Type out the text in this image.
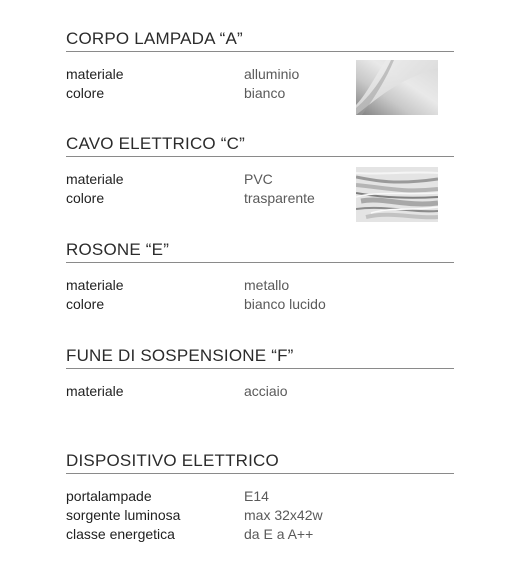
CORPO LAMPADA “A”
materiale	alluminio
colore	bianco
CAVO ELETTRICO “C”
materiale	PVC
colore	trasparente
ROSONE “E”
materiale	metallo
colore	bianco lucido
FUNE DI SOSPENSIONE “F”
materiale	acciaio
DISPOSITIVO ELETTRICO
portalampade	E14
sorgente luminosa	max 32x42w
classe energetica	da E a A++
